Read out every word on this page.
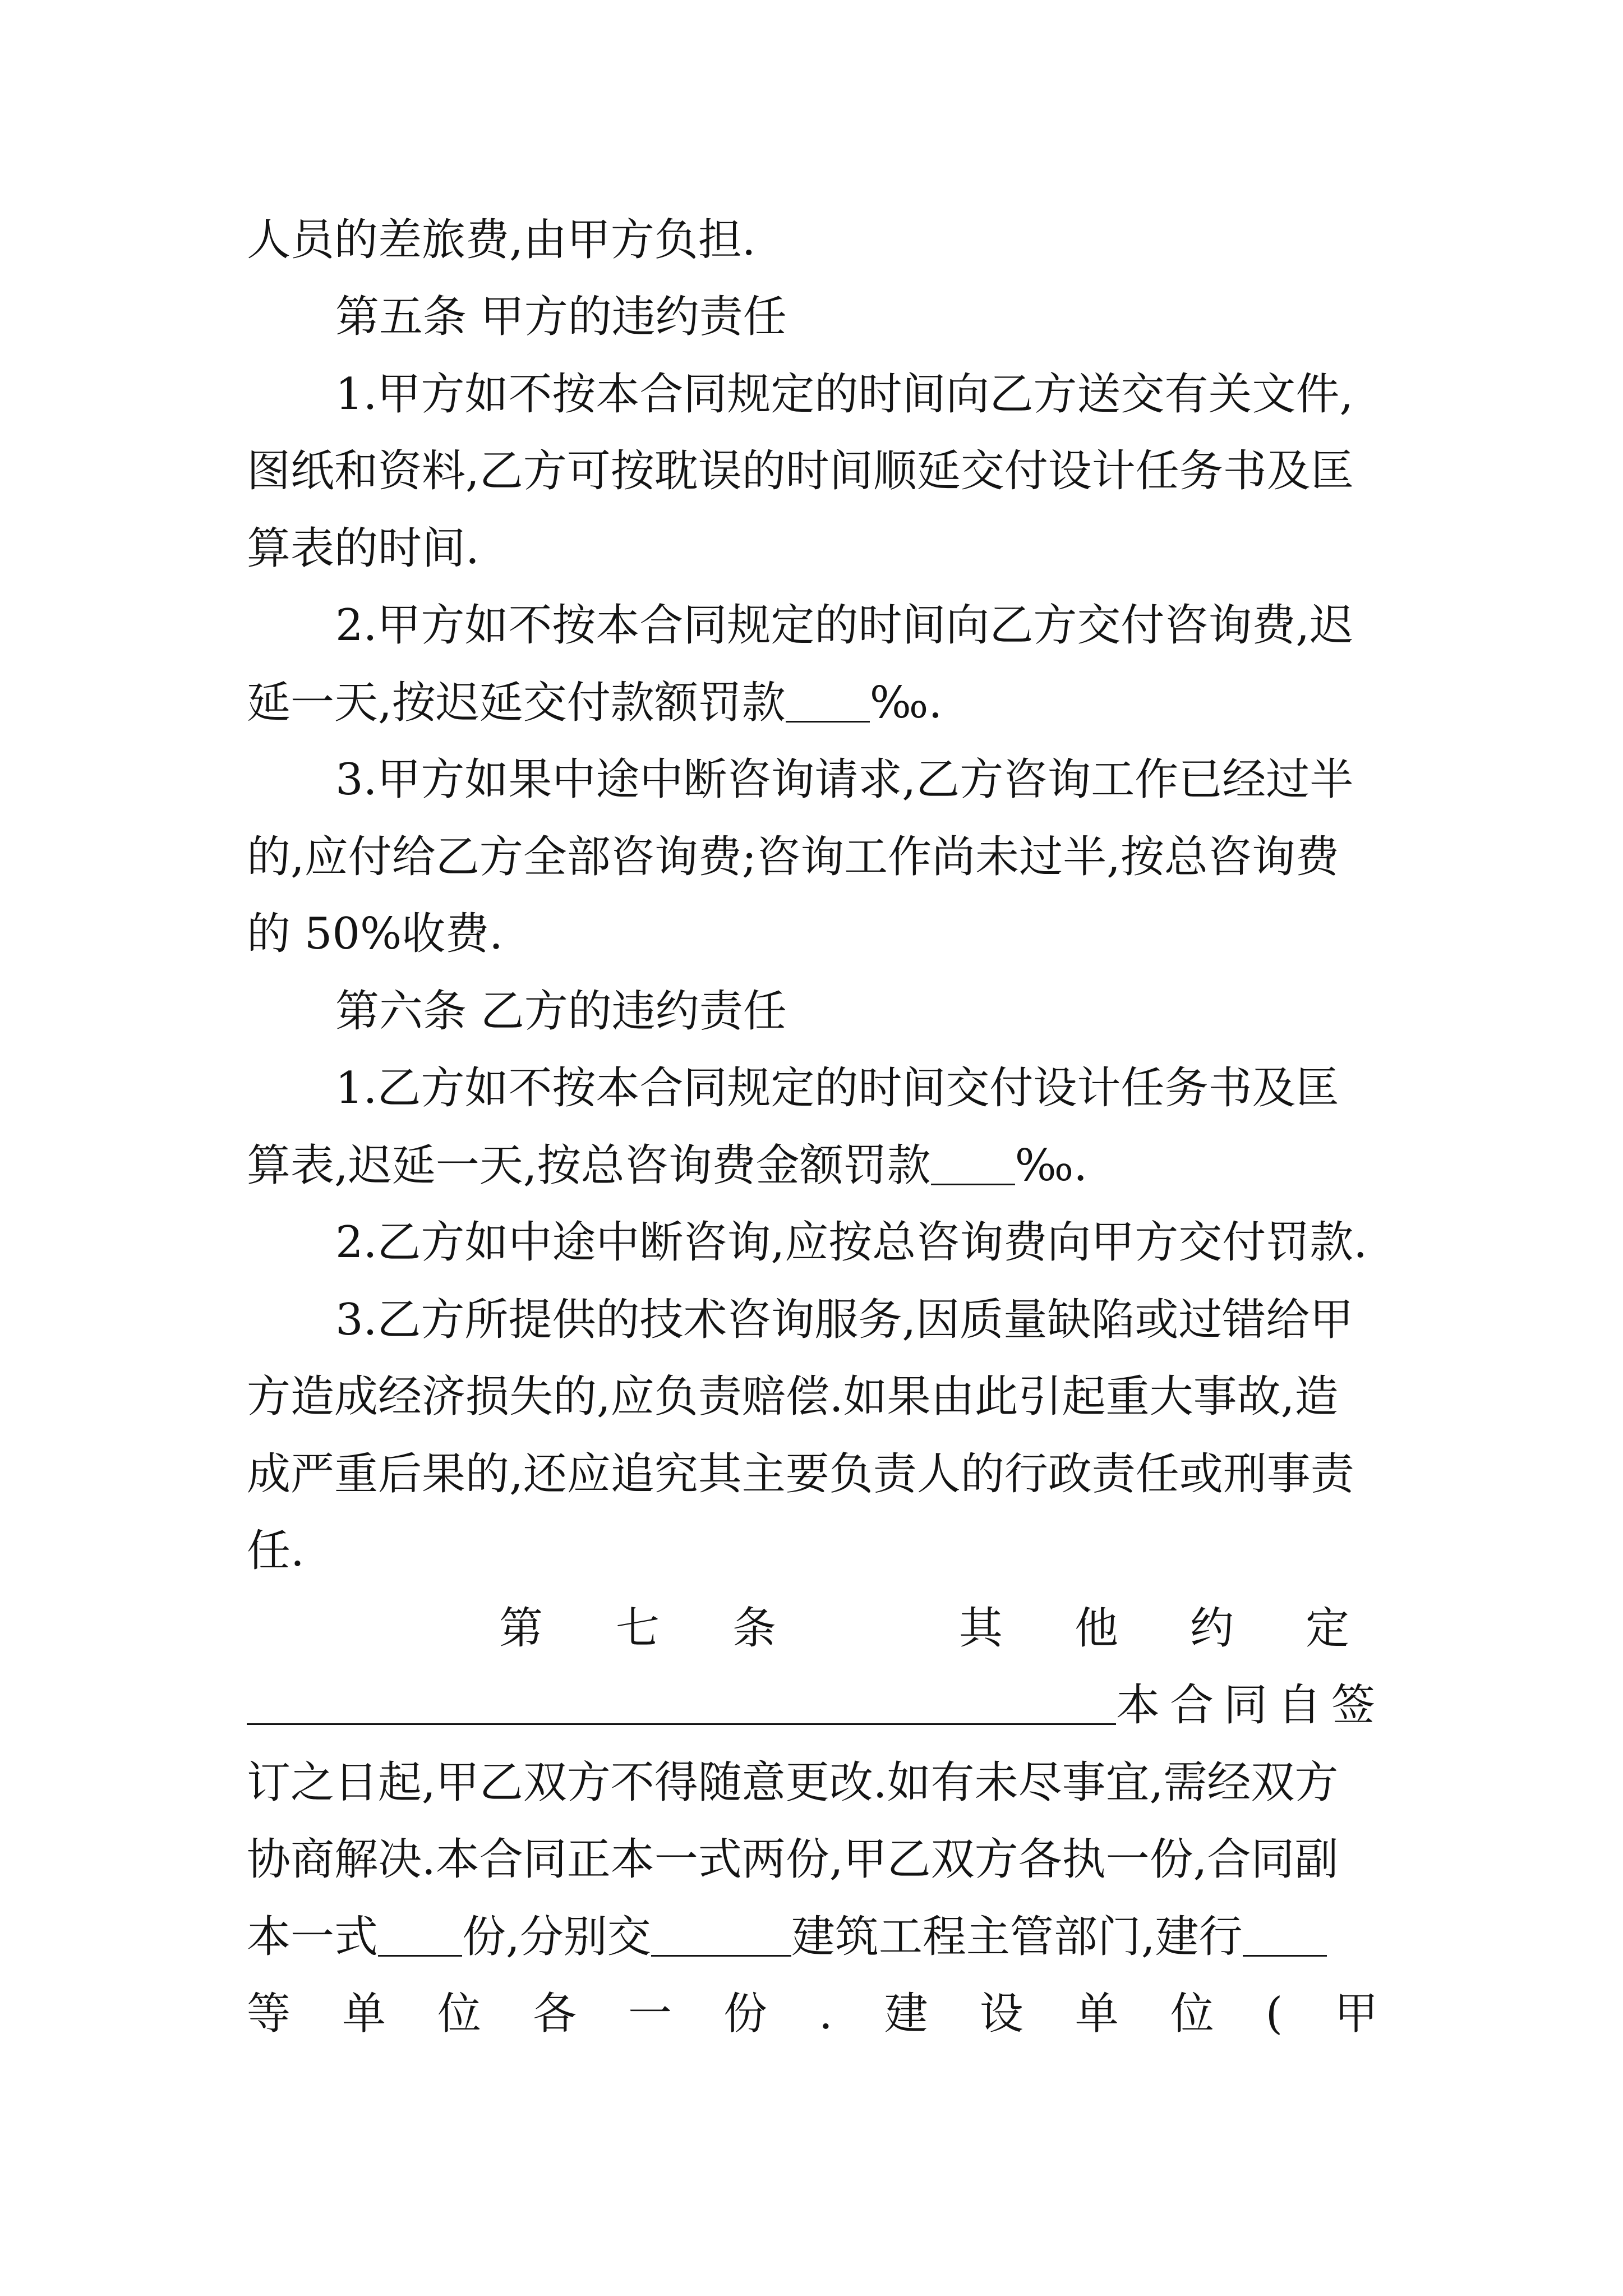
人员的差旅费,由甲方负担.
第五条 甲方的违约责任
1.甲方如不按本合同规定的时间向乙方送交有关文件,
图纸和资料,乙方可按耽误的时间顺延交付设计任务书及匡
算表的时间.
2.甲方如不按本合同规定的时间向乙方交付咨询费,迟
延一天,按迟延交付款额罚款 ‰.
3.甲方如果中途中断咨询请求,乙方咨询工作已经过半
的,应付给乙方全部咨询费;咨询工作尚未过半,按总咨询费
的 50%收费.
第六条 乙方的违约责任
1.乙方如不按本合同规定的时间交付设计任务书及匡
算表,迟延一天,按总咨询费金额罚款 ‰.
2.乙方如中途中断咨询,应按总咨询费向甲方交付罚款.
3.乙方所提供的技术咨询服务,因质量缺陷或过错给甲
方造成经济损失的,应负责赔偿.如果由此引起重大事故,造
成严重后果的,还应追究其主要负责人的行政责任或刑事责
任.
第七条	其他约定
本合同自签
订之日起,甲乙双方不得随意更改.如有未尽事宜,需经双方
协商解决.本合同正本一式两份,甲乙双方各执一份,合同副
本一式 份,分别交	建筑工程主管部门,建行
等单位各一份.建设单位(甲
